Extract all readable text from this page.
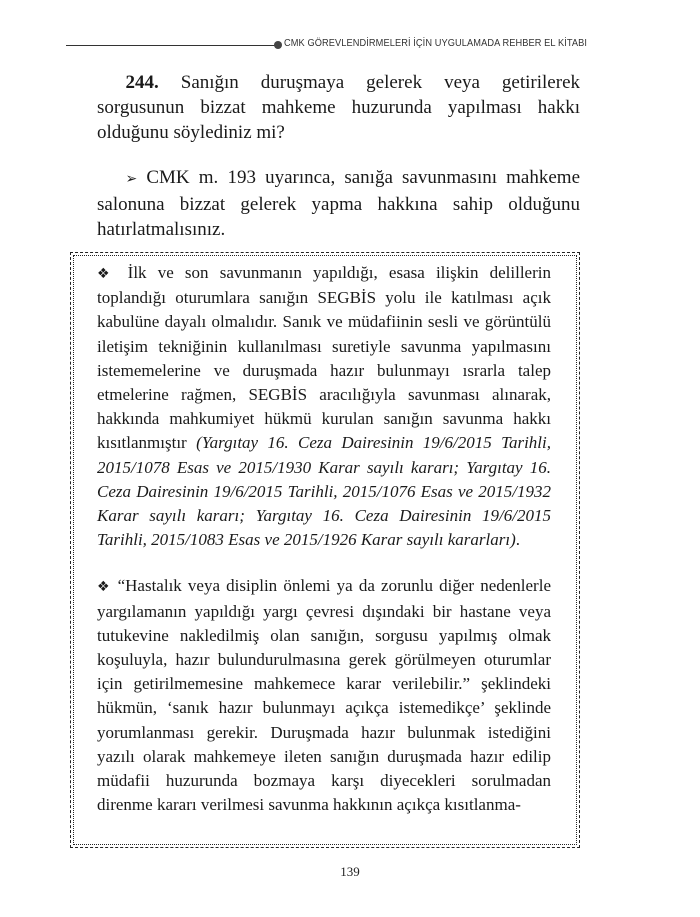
CMK GÖREVLENDİRMELERİ İÇİN UYGULAMADA REHBER EL KİTABI
  244. Sanığın duruşmaya gelerek veya getirilerek sorgusunun bizzat mahkeme huzurunda yapılması hakkı olduğunu söylediniz mi?
  ➢ CMK m. 193 uyarınca, sanığa savunmasını mahkeme salonuna bizzat gelerek yapma hakkına sahip olduğunu hatırlatmalısınız.

❖ İlk ve son savunmanın yapıldığı, esasa ilişkin delillerin toplandığı oturumlara sanığın SEGBİS yolu ile katılması açık kabulüne dayalı olmalıdır. Sanık ve müdafiinin sesli ve görüntülü iletişim tekniğinin kullanılması suretiyle savunma yapılmasını istememelerine ve duruşmada hazır bulunmayı ısrarla talep etmelerine rağmen, SEGBİS aracılığıyla savunması alınarak, hakkında mahkumiyet hükmü kurulan sanığın savunma hakkı kısıtlanmıştır (Yargıtay 16. Ceza Dairesinin 19/6/2015 Tarihli, 2015/1078 Esas ve 2015/1930 Karar sayılı kararı; Yargıtay 16. Ceza Dairesinin 19/6/2015 Tarihli, 2015/1076 Esas ve 2015/1932 Karar sayılı kararı; Yargıtay 16. Ceza Dairesinin 19/6/2015 Tarihli, 2015/1083 Esas ve 2015/1926 Karar sayılı kararları).

❖ “Hastalık veya disiplin önlemi ya da zorunlu diğer nedenlerle yargılamanın yapıldığı yargı çevresi dışındaki bir hastane veya tutukevine nakledilmiş olan sanığın, sorgusu yapılmış olmak koşuluyla, hazır bulundurulmasına gerek görülmeyen oturumlar için getirilmemesine mahkemece karar verilebilir.” şeklindeki hükmün, ‘sanık hazır bulunmayı açıkça istemedikçe’ şeklinde yorumlanması gerekir. Duruşmada hazır bulunmak istediğini yazılı olarak mahkemeye ileten sanığın duruşmada hazır edilip müdafii huzurunda bozmaya karşı diyecekleri sorulmadan direnme kararı verilmesi savunma hakkının açıkça kısıtlanma-

139
